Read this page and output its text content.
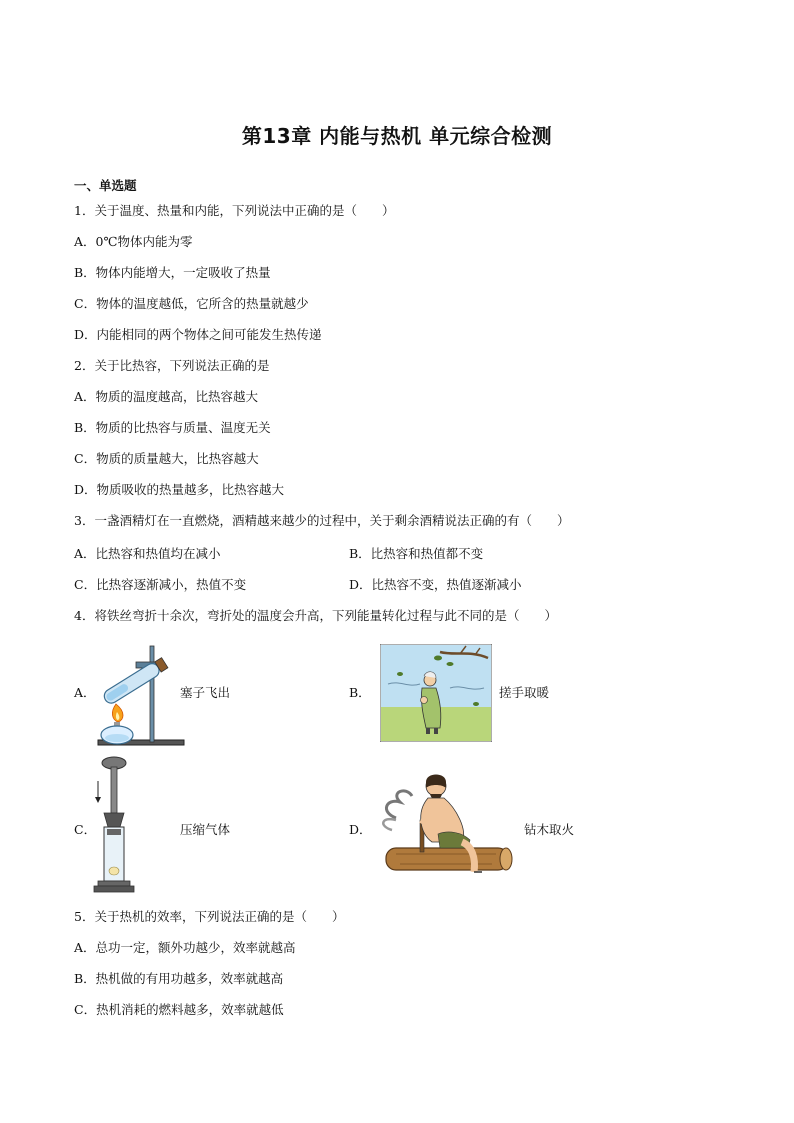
第13章 内能与热机 单元综合检测
一、单选题
1．关于温度、热量和内能，下列说法中正确的是（　　）
A．0℃物体内能为零
B．物体内能增大，一定吸收了热量
C．物体的温度越低，它所含的热量就越少
D．内能相同的两个物体之间可能发生热传递
2．关于比热容，下列说法正确的是
A．物质的温度越高，比热容越大
B．物质的比热容与质量、温度无关
C．物质的质量越大，比热容越大
D．物质吸收的热量越多，比热容越大
3．一盏酒精灯在一直燃烧，酒精越来越少的过程中，关于剩余酒精说法正确的有（　　）
A．比热容和热值均在减小	B．比热容和热值都不变
C．比热容逐渐减小，热值不变	D．比热容不变，热值逐渐减小
4．将铁丝弯折十余次，弯折处的温度会升高，下列能量转化过程与此不同的是（　　）
A．	塞子飞出	B．	搓手取暖
C．	压缩气体	D．	钻木取火
5．关于热机的效率，下列说法正确的是（　　）
A．总功一定，额外功越少，效率就越高
B．热机做的有用功越多，效率就越高
C．热机消耗的燃料越多，效率就越低
